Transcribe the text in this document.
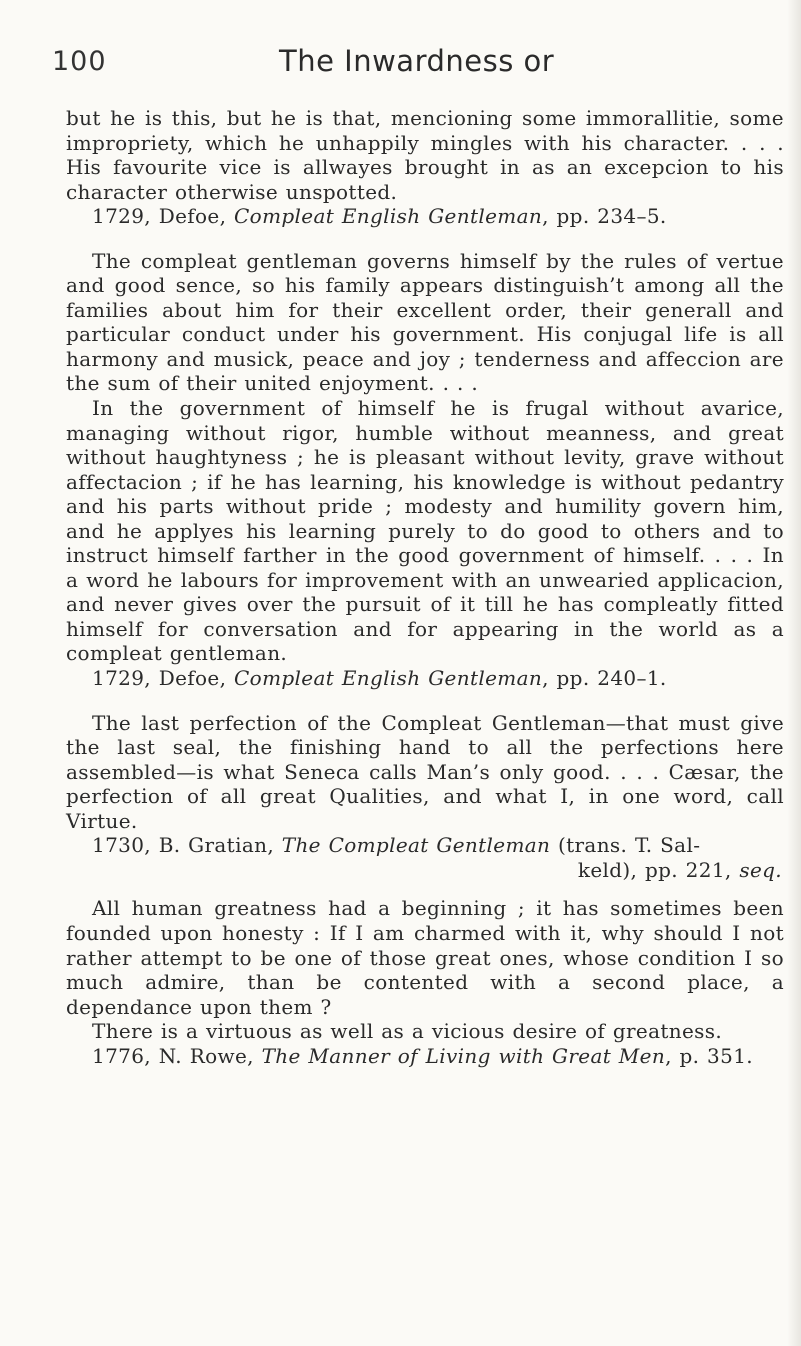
100	The Inwardness or

but he is this, but he is that, mencioning some immorallitie, some impropriety, which he unhappily mingles with his character. . . . His favourite vice is allwayes brought in as an excepcion to his character otherwise unspotted.

1729, Defoe, Compleat English Gentleman, pp. 234–5.

The compleat gentleman governs himself by the rules of vertue and good sence, so his family appears distinguish’t among all the families about him for their excellent order, their generall and particular conduct under his government. His conjugal life is all harmony and musick, peace and joy ; tenderness and affeccion are the sum of their united enjoyment. . . .

In the government of himself he is frugal without avarice, managing without rigor, humble without meanness, and great without haughtyness ; he is pleasant without levity, grave without affectacion ; if he has learning, his knowledge is without pedantry and his parts without pride ; modesty and humility govern him, and he applyes his learning purely to do good to others and to instruct himself farther in the good government of himself. . . . In a word he labours for improvement with an unwearied applicacion, and never gives over the pursuit of it till he has compleatly fitted himself for conversation and for appearing in the world as a compleat gentleman.

1729, Defoe, Compleat English Gentleman, pp. 240–1.

The last perfection of the Compleat Gentleman—that must give the last seal, the finishing hand to all the perfections here assembled—is what Seneca calls Man’s only good. . . . Cæsar, the perfection of all great Qualities, and what I, in one word, call Virtue.

1730, B. Gratian, The Compleat Gentleman (trans. T. Sal-
keld), pp. 221, seq.

All human greatness had a beginning ; it has sometimes been founded upon honesty : If I am charmed with it, why should I not rather attempt to be one of those great ones, whose condition I so much admire, than be contented with a second place, a dependance upon them ?

There is a virtuous as well as a vicious desire of greatness.

1776, N. Rowe, The Manner of Living with Great Men, p. 351.
